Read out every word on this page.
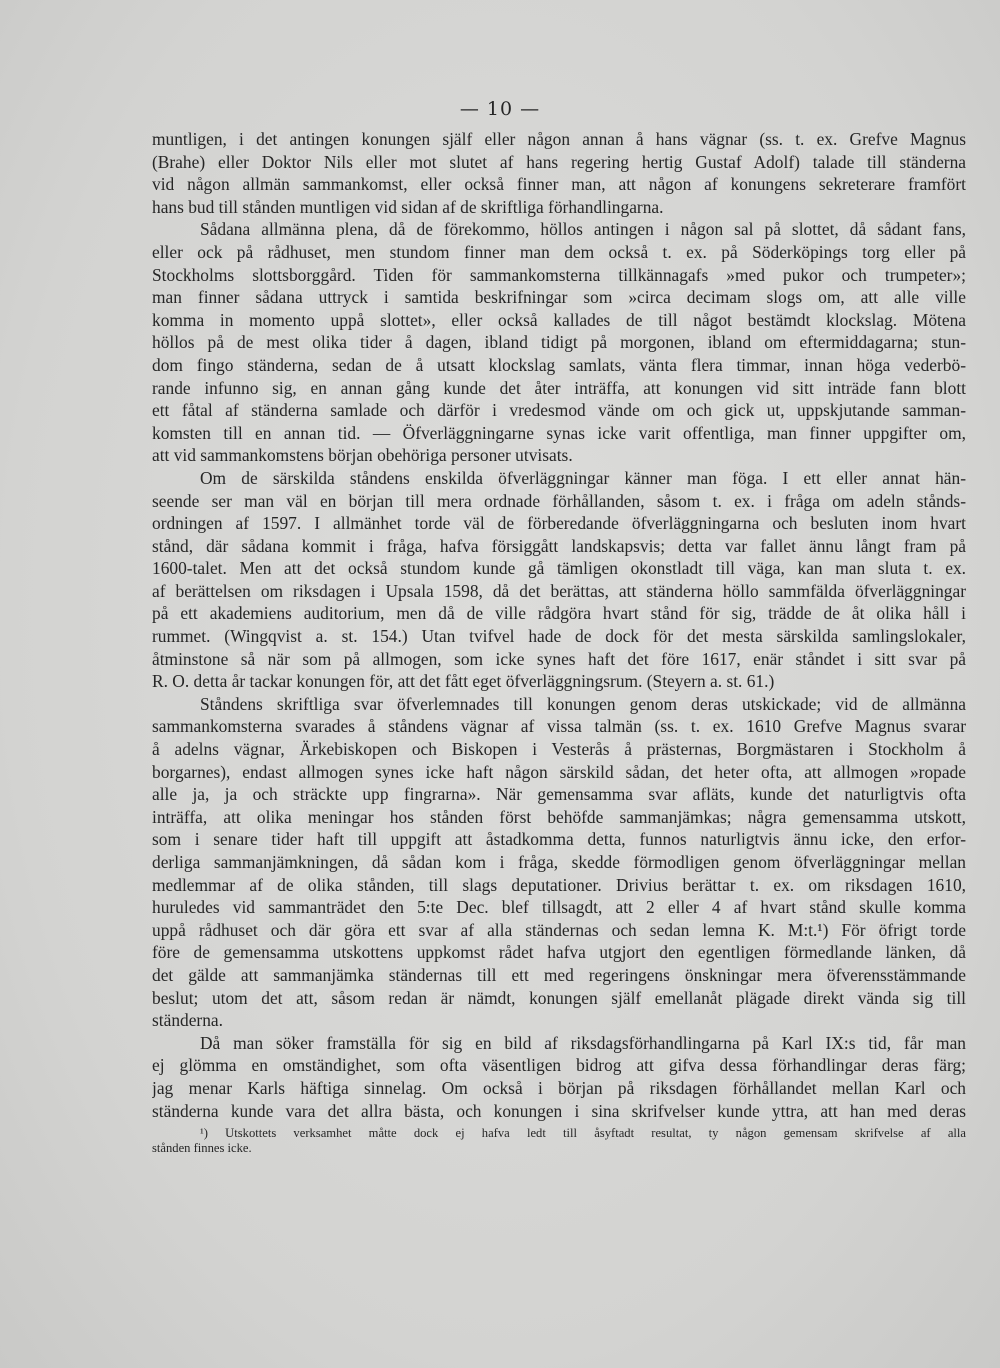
— 10 —
muntligen, i det antingen konungen själf eller någon annan å hans vägnar (ss. t. ex. Grefve Magnus
(Brahe) eller Doktor Nils eller mot slutet af hans regering hertig Gustaf Adolf) talade till ständerna
vid någon allmän sammankomst, eller också finner man, att någon af konungens sekreterare framfört
hans bud till stånden muntligen vid sidan af de skriftliga förhandlingarna.
Sådana allmänna plena, då de förekommo, höllos antingen i någon sal på slottet, då sådant fans,
eller ock på rådhuset, men stundom finner man dem också t. ex. på Söderköpings torg eller på
Stockholms slottsborggård. Tiden för sammankomsterna tillkännagafs »med pukor och trumpeter»;
man finner sådana uttryck i samtida beskrifningar som »circa decimam slogs om, att alle ville
komma in momento uppå slottet», eller också kallades de till något bestämdt klockslag. Mötena
höllos på de mest olika tider å dagen, ibland tidigt på morgonen, ibland om eftermiddagarna; stun-
dom fingo ständerna, sedan de å utsatt klockslag samlats, vänta flera timmar, innan höga vederbö-
rande infunno sig, en annan gång kunde det åter inträffa, att konungen vid sitt inträde fann blott
ett fåtal af ständerna samlade och därför i vredesmod vände om och gick ut, uppskjutande samman-
komsten till en annan tid. — Öfverläggningarne synas icke varit offentliga, man finner uppgifter om,
att vid sammankomstens början obehöriga personer utvisats.
Om de särskilda ståndens enskilda öfverläggningar känner man föga. I ett eller annat hän-
seende ser man väl en början till mera ordnade förhållanden, såsom t. ex. i fråga om adeln stånds-
ordningen af 1597. I allmänhet torde väl de förberedande öfverläggningarna och besluten inom hvart
stånd, där sådana kommit i fråga, hafva försiggått landskapsvis; detta var fallet ännu långt fram på
1600-talet. Men att det också stundom kunde gå tämligen okonstladt till väga, kan man sluta t. ex.
af berättelsen om riksdagen i Upsala 1598, då det berättas, att ständerna höllo sammfälda öfverläggningar
på ett akademiens auditorium, men då de ville rådgöra hvart stånd för sig, trädde de åt olika håll i
rummet. (Wingqvist a. st. 154.) Utan tvifvel hade de dock för det mesta särskilda samlingslokaler,
åtminstone så när som på allmogen, som icke synes haft det före 1617, enär ståndet i sitt svar på
R. O. detta år tackar konungen för, att det fått eget öfverläggningsrum. (Steyern a. st. 61.)
Ståndens skriftliga svar öfverlemnades till konungen genom deras utskickade; vid de allmänna
sammankomsterna svarades å ståndens vägnar af vissa talmän (ss. t. ex. 1610 Grefve Magnus svarar
å adelns vägnar, Ärkebiskopen och Biskopen i Vesterås å prästernas, Borgmästaren i Stockholm å
borgarnes), endast allmogen synes icke haft någon särskild sådan, det heter ofta, att allmogen »ropade
alle ja, ja och sträckte upp fingrarna». När gemensamma svar afläts, kunde det naturligtvis ofta
inträffa, att olika meningar hos stånden först behöfde sammanjämkas; några gemensamma utskott,
som i senare tider haft till uppgift att åstadkomma detta, funnos naturligtvis ännu icke, den erfor-
derliga sammanjämkningen, då sådan kom i fråga, skedde förmodligen genom öfverläggningar mellan
medlemmar af de olika stånden, till slags deputationer. Drivius berättar t. ex. om riksdagen 1610,
huruledes vid sammanträdet den 5:te Dec. blef tillsagdt, att 2 eller 4 af hvart stånd skulle komma
uppå rådhuset och där göra ett svar af alla ständernas och sedan lemna K. M:t.¹) För öfrigt torde
före de gemensamma utskottens uppkomst rådet hafva utgjort den egentligen förmedlande länken, då
det gälde att sammanjämka ständernas till ett med regeringens önskningar mera öfverensstämmande
beslut; utom det att, såsom redan är nämdt, konungen själf emellanåt plägade direkt vända sig till
ständerna.
Då man söker framställa för sig en bild af riksdagsförhandlingarna på Karl IX:s tid, får man
ej glömma en omständighet, som ofta väsentligen bidrog att gifva dessa förhandlingar deras färg;
jag menar Karls häftiga sinnelag. Om också i början på riksdagen förhållandet mellan Karl och
ständerna kunde vara det allra bästa, och konungen i sina skrifvelser kunde yttra, att han med deras
¹) Utskottets verksamhet måtte dock ej hafva ledt till åsyftadt resultat, ty någon gemensam skrifvelse af alla
stånden finnes icke.
